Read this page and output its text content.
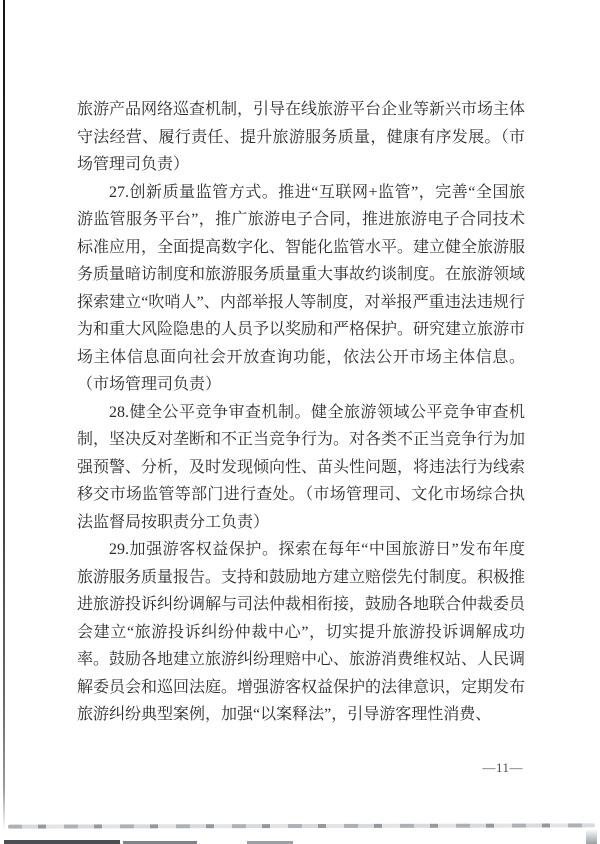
旅游产品网络巡查机制，引导在线旅游平台企业等新兴市场主体守法经营、履行责任、提升旅游服务质量，健康有序发展。（市场管理司负责）

27.创新质量监管方式。推进“互联网+监管”，完善“全国旅游监管服务平台”，推广旅游电子合同，推进旅游电子合同技术标准应用，全面提高数字化、智能化监管水平。建立健全旅游服务质量暗访制度和旅游服务质量重大事故约谈制度。在旅游领域探索建立“吹哨人”、内部举报人等制度，对举报严重违法违规行为和重大风险隐患的人员予以奖励和严格保护。研究建立旅游市场主体信息面向社会开放查询功能，依法公开市场主体信息。（市场管理司负责）

28.健全公平竞争审查机制。健全旅游领域公平竞争审查机制，坚决反对垄断和不正当竞争行为。对各类不正当竞争行为加强预警、分析，及时发现倾向性、苗头性问题，将违法行为线索移交市场监管等部门进行查处。（市场管理司、文化市场综合执法监督局按职责分工负责）

29.加强游客权益保护。探索在每年“中国旅游日”发布年度旅游服务质量报告。支持和鼓励地方建立赔偿先付制度。积极推进旅游投诉纠纷调解与司法仲裁相衔接，鼓励各地联合仲裁委员会建立“旅游投诉纠纷仲裁中心”，切实提升旅游投诉调解成功率。鼓励各地建立旅游纠纷理赔中心、旅游消费维权站、人民调解委员会和巡回法庭。增强游客权益保护的法律意识，定期发布旅游纠纷典型案例，加强“以案释法”，引导游客理性消费、

—11—
